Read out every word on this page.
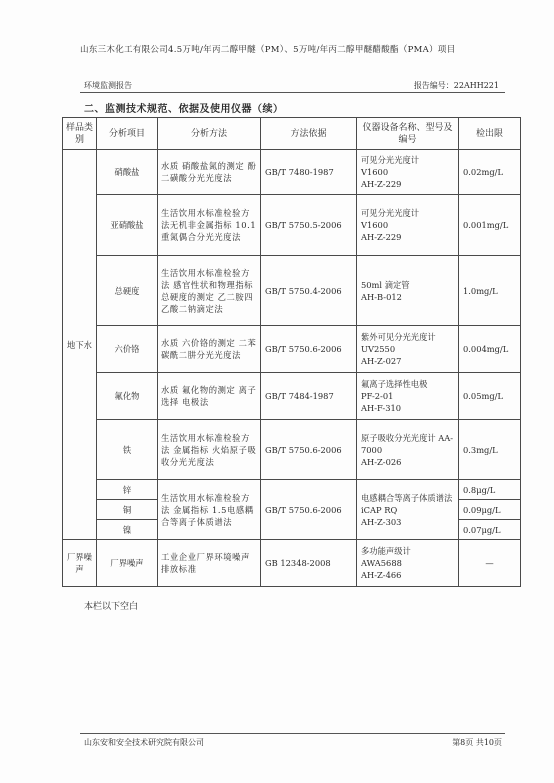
山东三木化工有限公司4.5万吨/年丙二醇甲醚（PM）、5万吨/年丙二醇甲醚醋酸酯（PMA）项目
环境监测报告	报告编号：22AHH221
二、监测技术规范、依据及使用仪器（续）
样品类别	分析项目	分析方法	方法依据	仪器设备名称、型号及编号	检出限
地下水	硝酸盐	水质 硝酸盐氮的测定 酚二磺酸分光光度法	GB/T 7480-1987	可见分光光度计
V1600
AH-Z-229	0.02mg/L
	亚硝酸盐	生活饮用水标准检验方法无机非金属指标 10.1重氮偶合分光光度法	GB/T 5750.5-2006	可见分光光度计
V1600
AH-Z-229	0.001mg/L
	总硬度	生活饮用水标准检验方法 感官性状和物理指标总硬度的测定 乙二胺四乙酸二钠滴定法	GB/T 5750.4-2006	50ml 滴定管
AH-B-012	1.0mg/L
	六价铬	水质 六价铬的测定 二苯碳酰二肼分光光度法	GB/T 5750.6-2006	紫外可见分光光度计 UV2550
AH-Z-027	0.004mg/L
	氟化物	水质 氟化物的测定 离子选择 电极法	GB/T 7484-1987	氟离子选择性电极
PF-2-01
AH-F-310	0.05mg/L
	铁	生活饮用水标准检验方法 金属指标 火焰原子吸收分光光度法	GB/T 5750.6-2006	原子吸收分光光度计 AA-7000
AH-Z-026	0.3mg/L
	锌	生活饮用水标准检验方法 金属指标 1.5电感耦合等离子体质谱法	GB/T 5750.6-2006	电感耦合等离子体质谱法 iCAP RQ
AH-Z-303	0.8μg/L
	铜				0.09μg/L
	镍				0.07μg/L
厂界噪声	厂界噪声	工业企业厂界环境噪声排放标准	GB 12348-2008	多功能声级计
AWA5688
AH-Z-466	—
本栏以下空白
山东安和安全技术研究院有限公司	第8页 共10页
